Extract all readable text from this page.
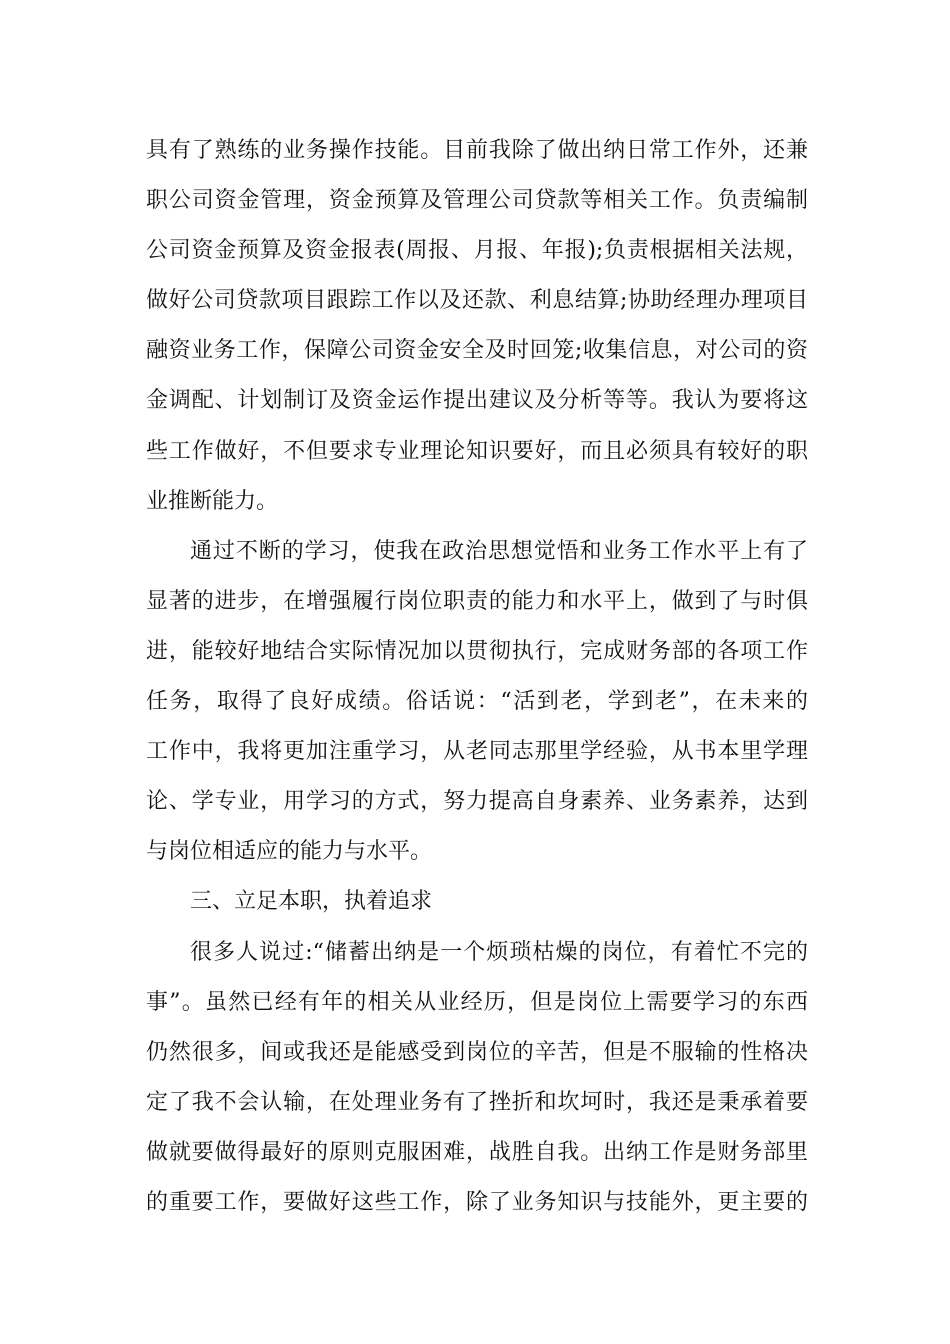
具有了熟练的业务操作技能。目前我除了做出纳日常工作外，还兼
职公司资金管理，资金预算及管理公司贷款等相关工作。负责编制
公司资金预算及资金报表(周报、月报、年报);负责根据相关法规，
做好公司贷款项目跟踪工作以及还款、利息结算;协助经理办理项目
融资业务工作，保障公司资金安全及时回笼;收集信息，对公司的资
金调配、计划制订及资金运作提出建议及分析等等。我认为要将这
些工作做好，不但要求专业理论知识要好，而且必须具有较好的职
业推断能力。
通过不断的学习，使我在政治思想觉悟和业务工作水平上有了
显著的进步，在增强履行岗位职责的能力和水平上，做到了与时俱
进，能较好地结合实际情况加以贯彻执行，完成财务部的各项工作
任务，取得了良好成绩。俗话说：“活到老，学到老”，在未来的
工作中，我将更加注重学习，从老同志那里学经验，从书本里学理
论、学专业，用学习的方式，努力提高自身素养、业务素养，达到
与岗位相适应的能力与水平。
三、立足本职，执着追求
很多人说过:“储蓄出纳是一个烦琐枯燥的岗位，有着忙不完的
事”。虽然已经有年的相关从业经历，但是岗位上需要学习的东西
仍然很多，间或我还是能感受到岗位的辛苦，但是不服输的性格决
定了我不会认输，在处理业务有了挫折和坎坷时，我还是秉承着要
做就要做得最好的原则克服困难，战胜自我。出纳工作是财务部里
的重要工作，要做好这些工作，除了业务知识与技能外，更主要的
